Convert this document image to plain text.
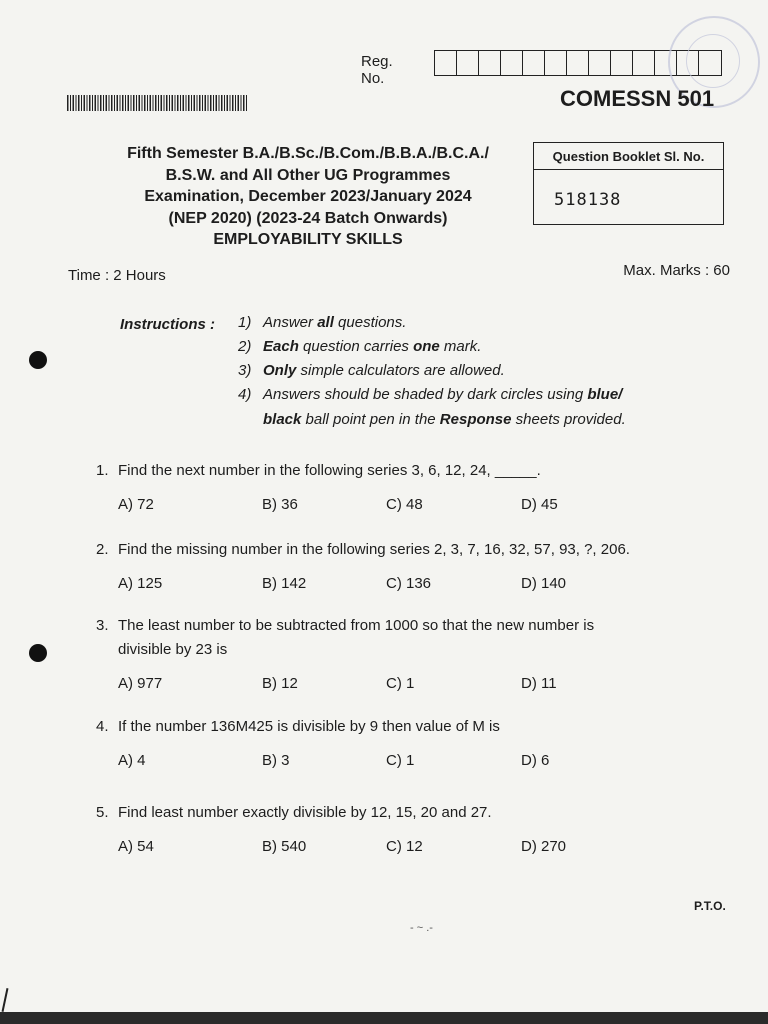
Reg. No.
COMESSN 501
Fifth Semester B.A./B.Sc./B.Com./B.B.A./B.C.A./
B.S.W. and All Other UG Programmes
Examination, December 2023/January 2024
(NEP 2020) (2023-24 Batch Onwards)
EMPLOYABILITY SKILLS
Question Booklet Sl. No.
518138
Time : 2 Hours	Max. Marks : 60
Instructions : 1) Answer all questions.
2) Each question carries one mark.
3) Only simple calculators are allowed.
4) Answers should be shaded by dark circles using blue/
black ball point pen in the Response sheets provided.
1. Find the next number in the following series 3, 6, 12, 24, _____.
A) 72	B) 36	C) 48	D) 45
2. Find the missing number in the following series 2, 3, 7, 16, 32, 57, 93, ?, 206.
A) 125	B) 142	C) 136	D) 140
3. The least number to be subtracted from 1000 so that the new number is
divisible by 23 is
A) 977	B) 12	C) 1	D) 11
4. If the number 136M425 is divisible by 9 then value of M is
A) 4	B) 3	C) 1	D) 6
5. Find least number exactly divisible by 12, 15, 20 and 27.
A) 54	B) 540	C) 12	D) 270
P.T.O.
- ~ .-
